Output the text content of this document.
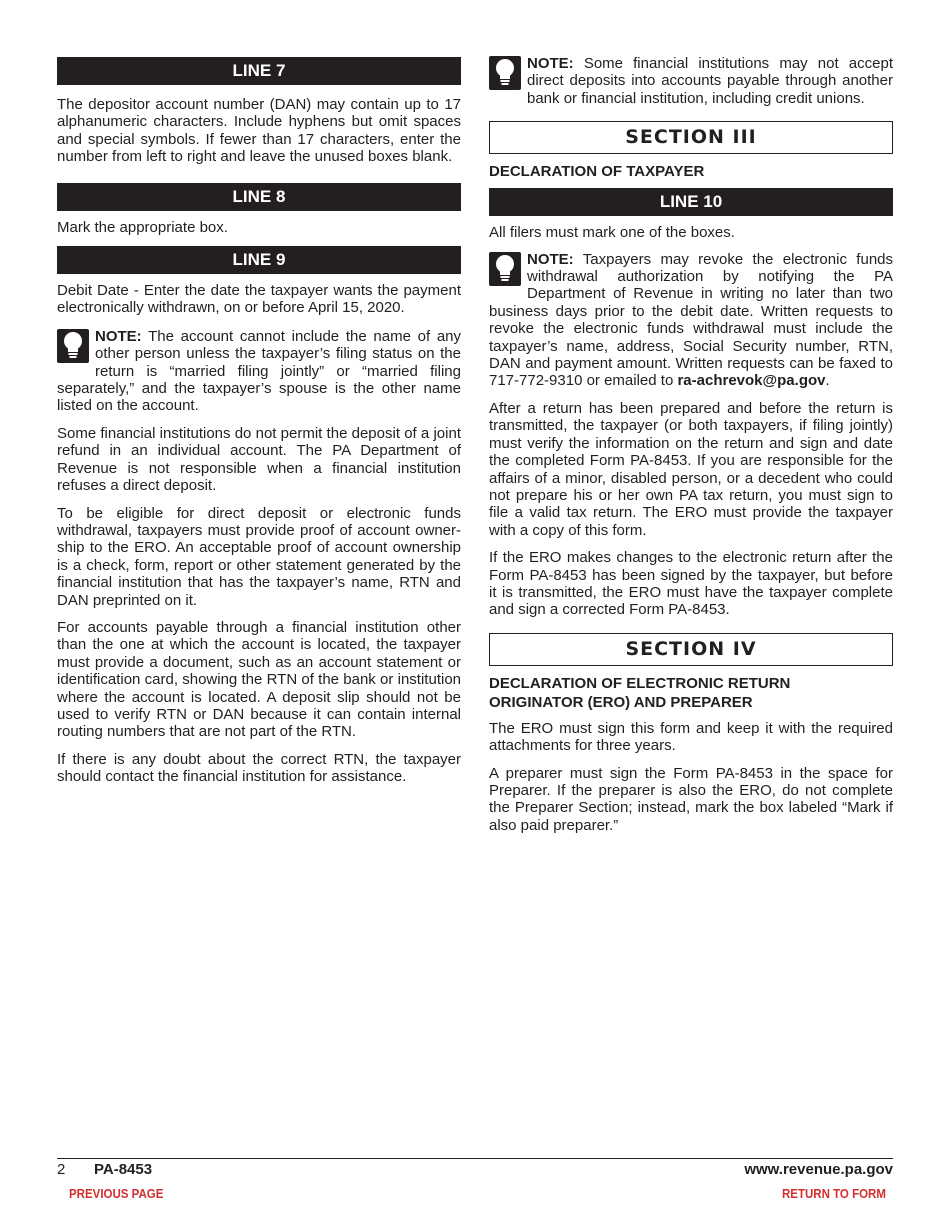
LINE 7

The depositor account number (DAN) may contain up to 17 alphanumeric characters. Include hyphens but omit spaces and special symbols. If fewer than 17 characters, enter the number from left to right and leave the unused boxes blank.

LINE 8

Mark the appropriate box.

LINE 9

Debit Date - Enter the date the taxpayer wants the payment electronically withdrawn, on or before April 15, 2020.

NOTE: The account cannot include the name of any other person unless the taxpayer’s filing status on the return is “married filing jointly” or “married filing separately,” and the taxpayer’s spouse is the other name listed on the account.

Some financial institutions do not permit the deposit of a joint refund in an individual account. The PA Department of Revenue is not responsible when a financial institution refuses a direct deposit.

To be eligible for direct deposit or electronic funds withdrawal, taxpayers must provide proof of account owner-ship to the ERO. An acceptable proof of account ownership is a check, form, report or other statement generated by the financial institution that has the taxpayer’s name, RTN and DAN preprinted on it.

For accounts payable through a financial institution other than the one at which the account is located, the taxpayer must provide a document, such as an account statement or identification card, showing the RTN of the bank or institution where the account is located. A deposit slip should not be used to verify RTN or DAN because it can contain internal routing numbers that are not part of the RTN.

If there is any doubt about the correct RTN, the taxpayer should contact the financial institution for assistance.

NOTE: Some financial institutions may not accept direct deposits into accounts payable through another bank or financial institution, including credit unions.
SECTION III
DECLARATION OF TAXPAYER
LINE 10

All filers must mark one of the boxes.

NOTE: Taxpayers may revoke the electronic funds withdrawal authorization by notifying the PA Department of Revenue in writing no later than two business days prior to the debit date. Written requests to revoke the electronic funds withdrawal must include the taxpayer’s name, address, Social Security number, RTN, DAN and payment amount. Written requests can be faxed to 717-772-9310 or emailed to ra-achrevok@pa.gov.

After a return has been prepared and before the return is transmitted, the taxpayer (or both taxpayers, if filing jointly) must verify the information on the return and sign and date the completed Form PA-8453. If you are responsible for the affairs of a minor, disabled person, or a decedent who could not prepare his or her own PA tax return, you must sign to file a valid tax return. The ERO must provide the taxpayer with a copy of this form.

If the ERO makes changes to the electronic return after the Form PA-8453 has been signed by the taxpayer, but before it is transmitted, the ERO must have the taxpayer complete and sign a corrected Form PA-8453.

SECTION IV
DECLARATION OF ELECTRONIC RETURN
ORIGINATOR (ERO) AND PREPARER

The ERO must sign this form and keep it with the required attachments for three years.

A preparer must sign the Form PA-8453 in the space for Preparer. If the preparer is also the ERO, do not complete the Preparer Section; instead, mark the box labeled “Mark if also paid preparer.”

2 PA-8453	www.revenue.pa.gov
PREVIOUS PAGE	RETURN TO FORM
